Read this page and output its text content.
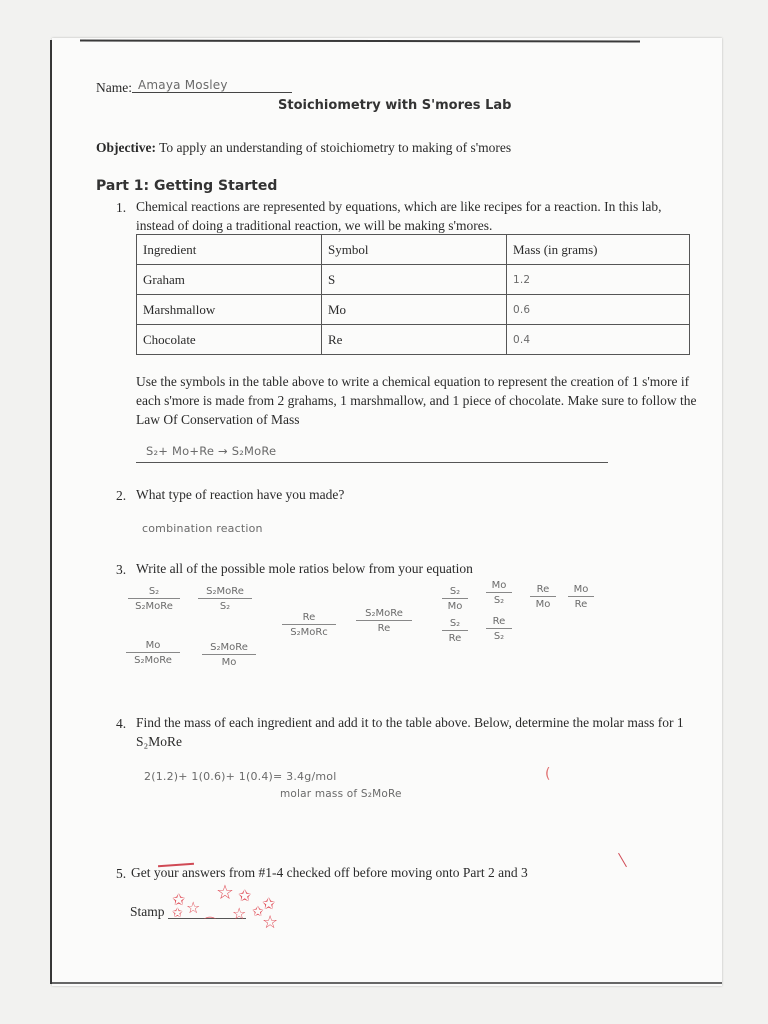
Name: Amaya Mosley
Stoichiometry with S'mores Lab
Objective: To apply an understanding of stoichiometry to making of s'mores
Part 1: Getting Started
1. Chemical reactions are represented by equations, which are like recipes for a reaction. In this lab,
instead of doing a traditional reaction, we will be making s'mores.
Ingredient	Symbol	Mass (in grams)
Graham	S	1.2
Marshmallow	Mo	0.6
Chocolate	Re	0.4
Use the symbols in the table above to write a chemical equation to represent the creation of 1 s'more if
each s'more is made from 2 grahams, 1 marshmallow, and 1 piece of chocolate. Make sure to follow the
Law Of Conservation of Mass
S₂+ Mo+Re → S₂MoRe
2. What type of reaction have you made?
combination reaction
3. Write all of the possible mole ratios below from your equation
S₂
S₂MoRe
S₂MoRe
S₂
Re
S₂MoRc
S₂MoRe
Re
$\frac{\text{S₂}}{Mo} \frac{Mo}{\text{S₂}} \frac{Re}{Mo} \frac{Mo}{Re}$
$\frac{\text{S₂}}{Re} \frac{Re}{\text{S₂}}$
Mo
S₂MoRe
S₂MoRe
Mo
4. Find the mass of each ingredient and add it to the table above. Below, determine the molar mass for 1
S₂MoRe
2(1.2)+ 1(0.6)+ 1(0.4)= 3.4g/mol
molar mass of S₂MoRe
(
5. Get your answers from #1-4 checked off before moving onto Part 2 and 3
Stamp
✩ ☆
☆ ✩ ✩
☆ ✩
☆
✩
⌒
